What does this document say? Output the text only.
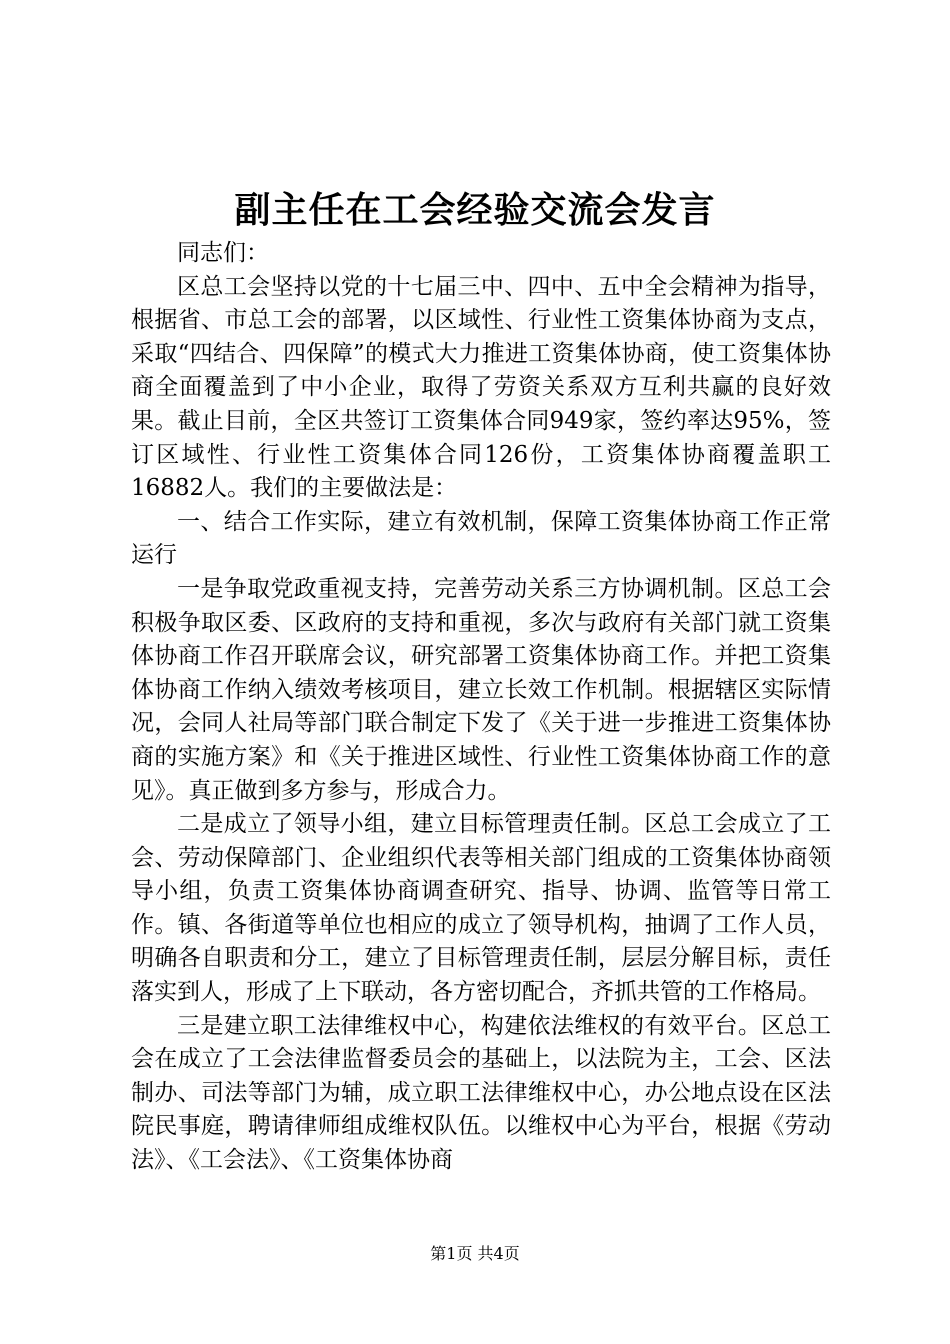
副主任在工会经验交流会发言

同志们：

区总工会坚持以党的十七届三中、四中、五中全会精神为指导，根据省、市总工会的部署，以区域性、行业性工资集体协商为支点，采取“四结合、四保障”的模式大力推进工资集体协商，使工资集体协商全面覆盖到了中小企业，取得了劳资关系双方互利共赢的良好效果。截止目前，全区共签订工资集体合同949家，签约率达95%，签订区域性、行业性工资集体合同126份，工资集体协商覆盖职工16882人。我们的主要做法是：

一、结合工作实际，建立有效机制，保障工资集体协商工作正常运行

一是争取党政重视支持，完善劳动关系三方协调机制。区总工会积极争取区委、区政府的支持和重视，多次与政府有关部门就工资集体协商工作召开联席会议，研究部署工资集体协商工作。并把工资集体协商工作纳入绩效考核项目，建立长效工作机制。根据辖区实际情况，会同人社局等部门联合制定下发了《关于进一步推进工资集体协商的实施方案》和《关于推进区域性、行业性工资集体协商工作的意见》。真正做到多方参与，形成合力。

二是成立了领导小组，建立目标管理责任制。区总工会成立了工会、劳动保障部门、企业组织代表等相关部门组成的工资集体协商领导小组，负责工资集体协商调查研究、指导、协调、监管等日常工作。镇、各街道等单位也相应的成立了领导机构，抽调了工作人员，明确各自职责和分工，建立了目标管理责任制，层层分解目标，责任落实到人，形成了上下联动，各方密切配合，齐抓共管的工作格局。

三是建立职工法律维权中心，构建依法维权的有效平台。区总工会在成立了工会法律监督委员会的基础上，以法院为主，工会、区法制办、司法等部门为辅，成立职工法律维权中心，办公地点设在区法院民事庭，聘请律师组成维权队伍。以维权中心为平台，根据《劳动法》、《工会法》、《工资集体协商

第1页 共4页
